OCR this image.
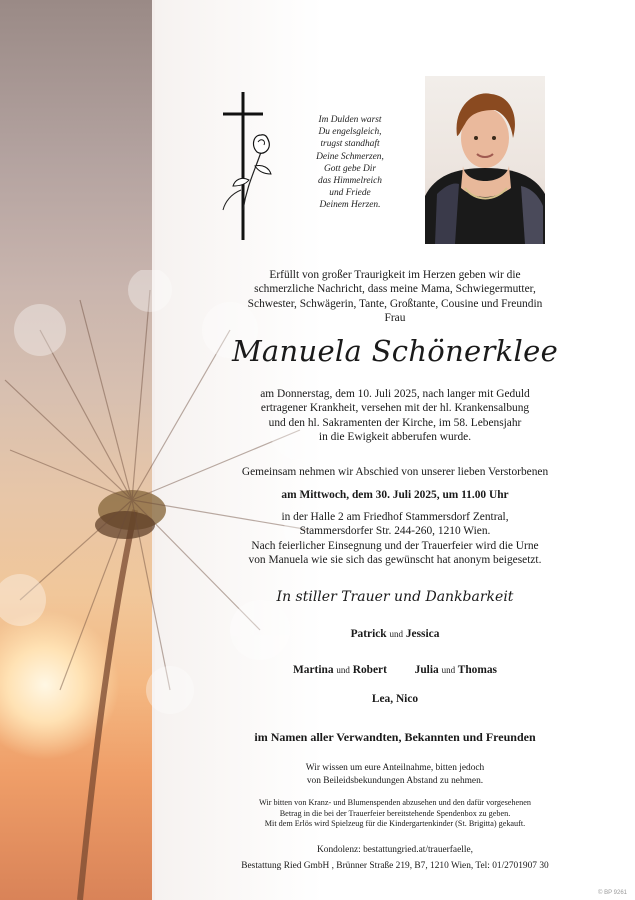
Im Dulden warst
Du engelsgleich,
trugst standhaft
Deine Schmerzen,
Gott gebe Dir
das Himmelreich
und Friede
Deinem Herzen.
Erfüllt von großer Traurigkeit im Herzen geben wir die
schmerzliche Nachricht, dass meine Mama, Schwiegermutter,
Schwester, Schwägerin, Tante, Großtante, Cousine und Freundin
Frau
Manuela Schönerklee
am Donnerstag, dem 10. Juli 2025, nach langer mit Geduld
ertragener Krankheit, versehen mit der hl. Krankensalbung
und den hl. Sakramenten der Kirche, im 58. Lebensjahr
in die Ewigkeit abberufen wurde.
Gemeinsam nehmen wir Abschied von unserer lieben Verstorbenen
am Mittwoch, dem 30. Juli 2025, um 11.00 Uhr
in der Halle 2 am Friedhof Stammersdorf Zentral,
Stammersdorfer Str. 244-260, 1210 Wien.
Nach feierlicher Einsegnung und der Trauerfeier wird die Urne
von Manuela wie sie sich das gewünscht hat anonym beigesetzt.
In stiller Trauer und Dankbarkeit
Patrick und Jessica
Martina und Robert Julia und Thomas
Lea, Nico
im Namen aller Verwandten, Bekannten und Freunden
Wir wissen um eure Anteilnahme, bitten jedoch
von Beileidsbekundungen Abstand zu nehmen.
Wir bitten von Kranz- und Blumenspenden abzusehen und den dafür vorgesehenen
Betrag in die bei der Trauerfeier bereitstehende Spendenbox zu geben.
Mit dem Erlös wird Spielzeug für die Kindergartenkinder (St. Brigitta) gekauft.
Kondolenz: bestattungried.at/trauerfaelle,
Bestattung Ried GmbH , Brünner Straße 219, B7, 1210 Wien, Tel: 01/2701907 30
© BP 9261
